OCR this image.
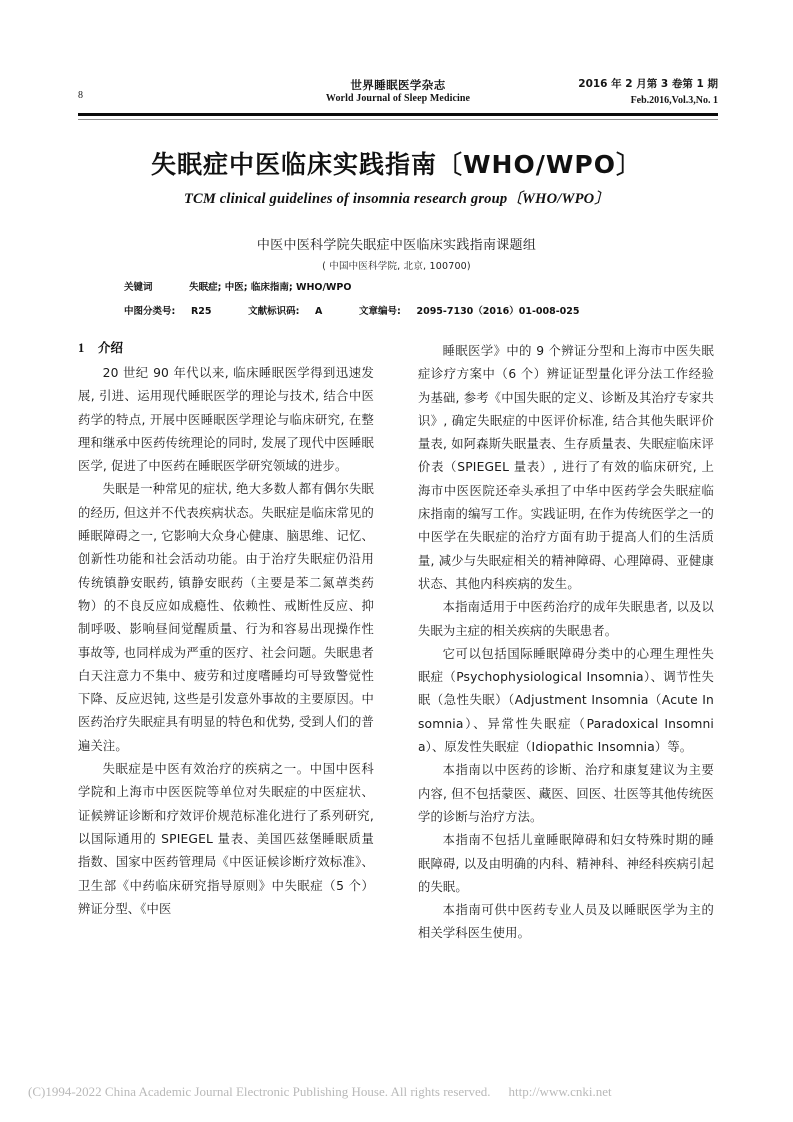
8
世界睡眠医学杂志
World Journal of Sleep Medicine
2016 年 2 月第 3 卷第 1 期
Feb.2016,Vol.3,No. 1
失眠症中医临床实践指南〔WHO/WPO〕
TCM clinical guidelines of insomnia research group〔WHO/WPO〕
中医中医科学院失眠症中医临床实践指南课题组
( 中国中医科学院, 北京, 100700)
关键词	失眠症; 中医; 临床指南; WHO/WPO
中图分类号: R25	文献标识码: A	文章编号: 2095-7130（2016）01-008-025
1 介绍

20 世纪 90 年代以来, 临床睡眠医学得到迅速发展, 引进、运用现代睡眠医学的理论与技术, 结合中医药学的特点, 开展中医睡眠医学理论与临床研究, 在整理和继承中医药传统理论的同时, 发展了现代中医睡眠医学, 促进了中医药在睡眠医学研究领域的进步。

失眠是一种常见的症状, 绝大多数人都有偶尔失眠的经历, 但这并不代表疾病状态。失眠症是临床常见的睡眠障碍之一, 它影响大众身心健康、脑思维、记忆、创新性功能和社会活动功能。由于治疗失眠症仍沿用传统镇静安眠药, 镇静安眠药（主要是苯二氮䓬类药物）的不良反应如成瘾性、依赖性、戒断性反应、抑制呼吸、影响昼间觉醒质量、行为和容易出现操作性事故等, 也同样成为严重的医疗、社会问题。失眠患者白天注意力不集中、疲劳和过度嗜睡均可导致警觉性下降、反应迟钝, 这些是引发意外事故的主要原因。中医药治疗失眠症具有明显的特色和优势, 受到人们的普遍关注。

失眠症是中医有效治疗的疾病之一。中国中医科学院和上海市中医医院等单位对失眠症的中医症状、证候辨证诊断和疗效评价规范标准化进行了系列研究, 以国际通用的 SPIEGEL 量表、美国匹兹堡睡眠质量指数、国家中医药管理局《中医证候诊断疗效标准》、卫生部《中药临床研究指导原则》中失眠症（5 个）辨证分型、《中医

睡眠医学》中的 9 个辨证分型和上海市中医失眠症诊疗方案中（6 个）辨证证型量化评分法工作经验为基础, 参考《中国失眠的定义、诊断及其治疗专家共识》, 确定失眠症的中医评价标准, 结合其他失眠评价量表, 如阿森斯失眠量表、生存质量表、失眠症临床评价表（SPIEGEL 量表）, 进行了有效的临床研究, 上海市中医医院还牵头承担了中华中医药学会失眠症临床指南的编写工作。实践证明, 在作为传统医学之一的中医学在失眠症的治疗方面有助于提高人们的生活质量, 减少与失眠症相关的精神障碍、心理障碍、亚健康状态、其他内科疾病的发生。

本指南适用于中医药治疗的成年失眠患者, 以及以失眠为主症的相关疾病的失眠患者。

它可以包括国际睡眠障碍分类中的心理生理性失眠症（Psychophysiological Insomnia）、调节性失眠（急性失眠）（Adjustment Insomnia（Acute Insomnia）、异常性失眠症（Paradoxical Insomnia）、原发性失眠症（Idiopathic Insomnia）等。

本指南以中医药的诊断、治疗和康复建议为主要内容, 但不包括蒙医、藏医、回医、壮医等其他传统医学的诊断与治疗方法。

本指南不包括儿童睡眠障碍和妇女特殊时期的睡眠障碍, 以及由明确的内科、精神科、神经科疾病引起的失眠。

本指南可供中医药专业人员及以睡眠医学为主的相关学科医生使用。

(C)1994-2022 China Academic Journal Electronic Publishing House. All rights reserved. http://www.cnki.net
